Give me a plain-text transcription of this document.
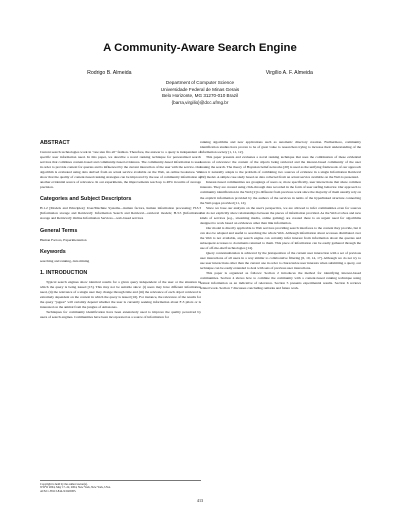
A Community-Aware Search Engine
Rodrigo B. Almeida	Virgílio A. F. Almeida
Department of Computer Science
Universidade Federal de Minas Gerais
Belo Horizonte, MG 31270-010 Brazil
{barra,virgilio}@dcc.ufmg.br
ABSTRACT

Current search technologies work in "one size fits all" fashion. Therefore, the answer to a query is independent of specific user information need. In this paper, we describe a novel ranking technique for personalized search services that combines content-based and community-based evidences. The community-based information is used in order to provide context for queries and is influenced by the current interaction of the user with the service. Our algorithm is evaluated using data derived from an actual service available on the Web, an online bookstore. We show that the quality of content-based ranking strategies can be improved by the use of community information as another evidential source of relevance. In our experiments, the improvements reach up to 48% in terms of average precision.

Categories and Subject Descriptors

H.1.2 [Models and Principles]: User/Machine Systems—human factors, human information processing; H.3.3 [Information storage and Retrieval]: Information Search and Retrieval—retrieval models; H.3.5 [Information storage and Retrieval]: Online Information Services—web-based services

General Terms

Human Factors, Experimentation

Keywords

searching and ranking, data mining

1. INTRODUCTION

Typical search engines show identical results for a given query independent of the user or the situation in which the query is being issued [15]. This may not be suitable since: (i) users may have different information need, (ii) the relevance of a single user may change through time and (iii) the relevance of each object retrieved is extremely dependent on the context in which the query is issued [16]. For instance, the relevance of the results for the query "jaguar" will certainly depend whether the user is currently seeking information about F-3 pilots or is interested on the animal from the jungles of Amazonas.

Techniques for community identification have been extensively used to improve the quality perceived by users of search engines. Communities have been incorporated as a source of information for

Copyright is held by the author/owner(s).
WWW 2004, May 17–22, 2004, New York, New York, USA.
ACM 1-58113-844-X/04/0005.

ranking algorithms and new applications such as automatic directory creation. Furthermore, community identification studies have proven to be of great value to researchers trying to increase their understanding of the information society [1, 11, 12].

This paper presents and evaluates a novel ranking technique that uses the combination of these evidential sources of relevance: the content of the objects being retrieved and the interest-based community of the user issuing the search. The theory of Bayesian belief networks [20] is used as the unifying framework of our approach since it naturally adapts to the problem of combining two sources of evidence in a single Information Retrieval (IR) model. A simple case study based on data collected from an actual service available on the Web is presented.

Interest-based communities are groupings of users or, more specifically, user interactions that share common interests. They are created using click-through data recorded in the form of user surfing behavior. Our approach to community identification in the Web [2] is different from previous work since the majority of them usually rely on the explicit information provided by the authors of the services in terms of the hyperlinked structure connecting the Web pages provided [11, 12].

Since we base our analysis on the user's perspective, we are allowed to infer communities even for sources that do not explicitly show relationships between the pieces of information provided. As the Web evolves and new kinds of services (e.g., streaming media, online gaming) are created there is an urgent need for algorithms designed to work based on evidences other than link information.

Our model is directly applicable to Web services providing search interfaces to the content they provide, but it can also be adapted and useful to searching the whole Web. Although information about accesses distributed over the Web is not available, any search engine can certainly infer interest from information about the queries and subsequent accesses to documents returned to them. This piece of information can be easily gathered through the use of off-the-shelf technologies [14].

Query contextualization is achieved by the juxtaposition of the current user interaction with a set of previous user interactions of all users in a way similar to collaborative filtering [6, 10, 14, 17]. Although we do not try to use user interactions other than the current one in order to characterize user interests when submitting a query, our technique can be easily extended to deal with sets of previous user interactions.

This paper is organized as follows: Section 2 introduces the method for identifying interest-based communities. Section 4 shows how to combine the community with a content-based ranking technique using textual information as an indicative of relevance. Section 5 presents experimental results. Section 6 reviews related work. Section 7 discusses concluding remarks and future work.

413
